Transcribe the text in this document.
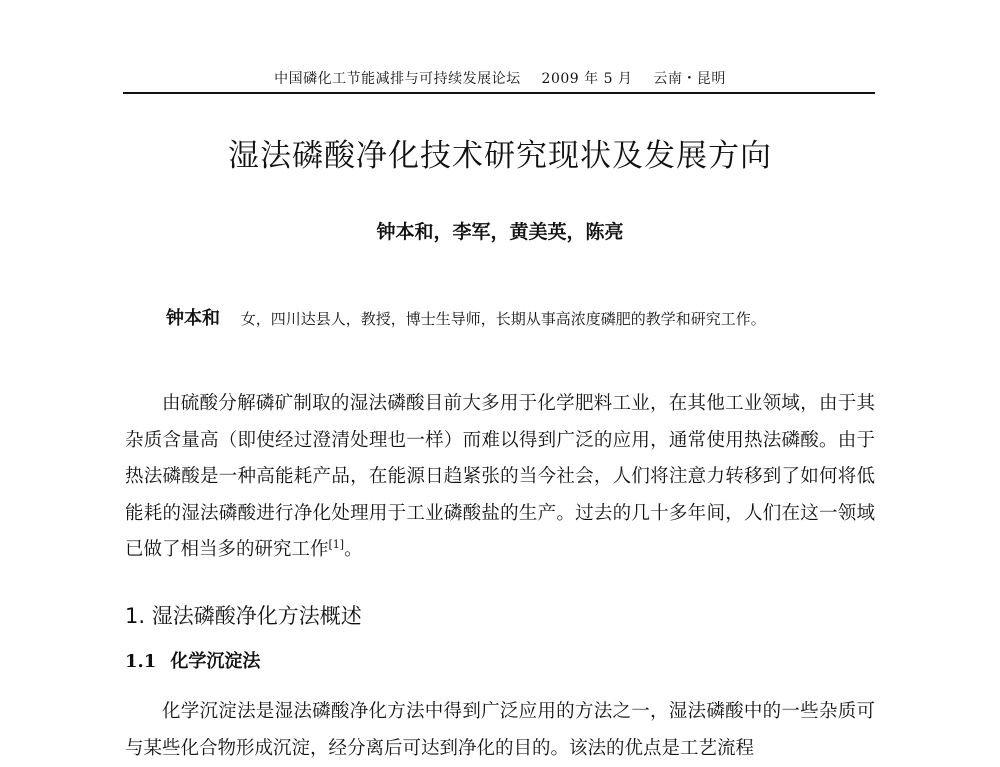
中国磷化工节能减排与可持续发展论坛 2009 年 5 月 云南・昆明
湿法磷酸净化技术研究现状及发展方向
钟本和，李军，黄美英，陈亮
钟本和 女，四川达县人，教授，博士生导师，长期从事高浓度磷肥的教学和研究工作。

由硫酸分解磷矿制取的湿法磷酸目前大多用于化学肥料工业，在其他工业领域，由于其杂质含量高（即使经过澄清处理也一样）而难以得到广泛的应用，通常使用热法磷酸。由于热法磷酸是一种高能耗产品，在能源日趋紧张的当今社会，人们将注意力转移到了如何将低能耗的湿法磷酸进行净化处理用于工业磷酸盐的生产。过去的几十多年间，人们在这一领域已做了相当多的研究工作[1]。

1. 湿法磷酸净化方法概述
1.1 化学沉淀法

化学沉淀法是湿法磷酸净化方法中得到广泛应用的方法之一，湿法磷酸中的一些杂质可与某些化合物形成沉淀，经分离后可达到净化的目的。该法的优点是工艺流程
